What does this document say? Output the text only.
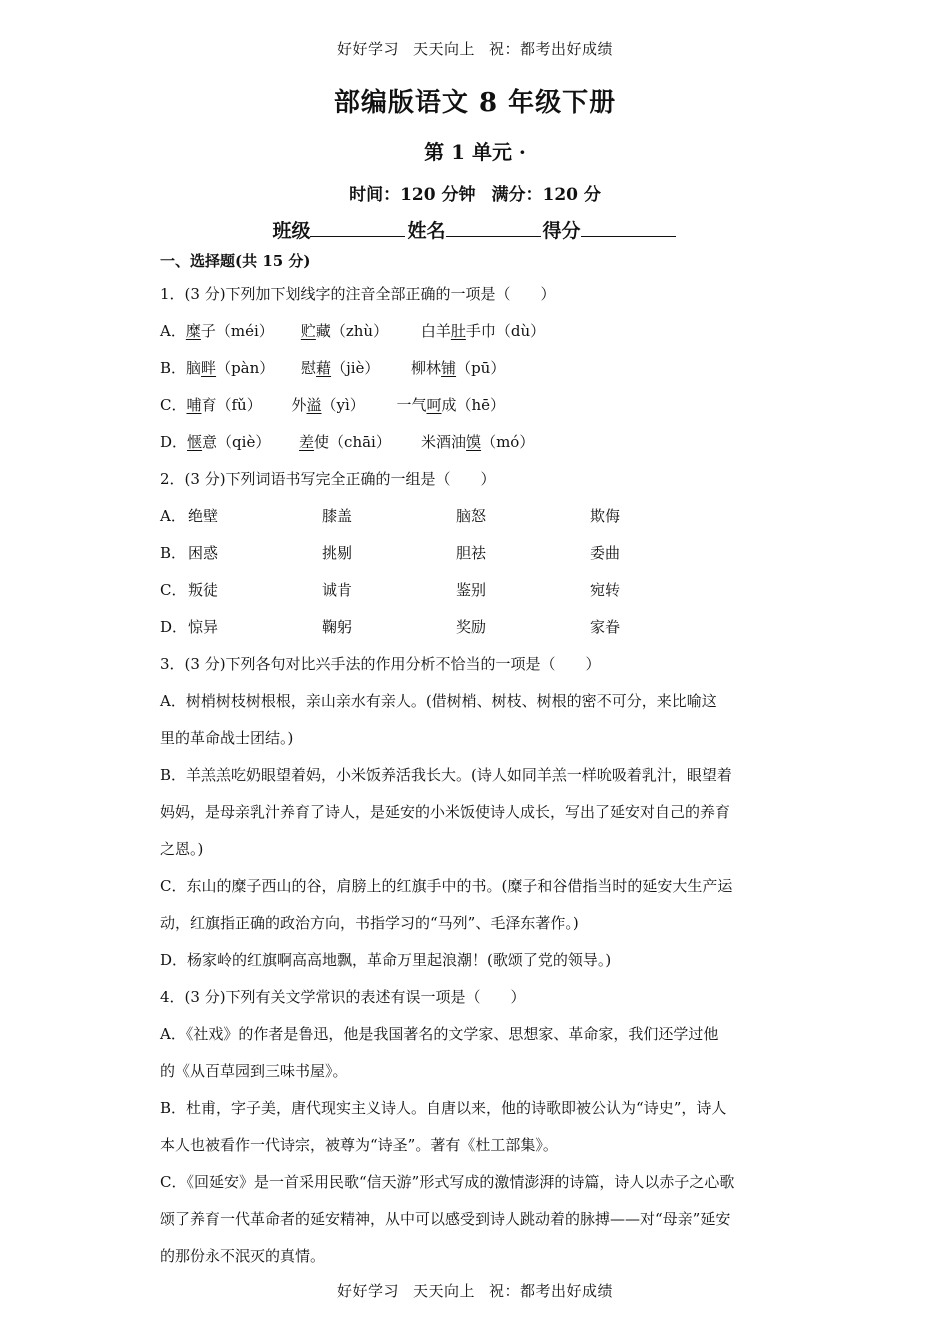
好好学习 天天向上 祝：都考出好成绩
部编版语文 8 年级下册
第 1 单元 ·
时间：120 分钟 满分：120 分
班级	姓名	得分
一、选择题(共 15 分)
1．(3 分)下列加下划线字的注音全部正确的一项是（　　）
A．糜子（méi） 贮藏（zhù） 白羊肚手巾（dù）
B．脑畔（pàn） 慰藉（jiè） 柳林铺（pū）
C．哺育（fǔ） 外溢（yì） 一气呵成（hē）
D．惬意（qiè） 差使（chāi） 米酒油馍（mó）
2．(3 分)下列词语书写完全正确的一组是（　　）
A． 绝壁	膝盖	脑怒	欺侮
B． 困惑	挑剔	胆祛	委曲
C． 叛徒	诚肯	鉴别	宛转
D．惊异	鞠躬	奖励	家眷
3．(3 分)下列各句对比兴手法的作用分析不恰当的一项是（　　）
A．树梢树枝树根根，亲山亲水有亲人。(借树梢、树枝、树根的密不可分，来比喻这
里的革命战士团结。)
B．羊羔羔吃奶眼望着妈，小米饭养活我长大。(诗人如同羊羔一样吮吸着乳汁，眼望着
妈妈，是母亲乳汁养育了诗人，是延安的小米饭使诗人成长，写出了延安对自己的养育
之恩。)
C．东山的糜子西山的谷，肩膀上的红旗手中的书。(糜子和谷借指当时的延安大生产运
动，红旗指正确的政治方向，书指学习的“马列”、毛泽东著作。)
D．杨家岭的红旗啊高高地飘，革命万里起浪潮！(歌颂了党的领导。)
4．(3 分)下列有关文学常识的表述有误一项是（　　）
A．《社戏》的作者是鲁迅，他是我国著名的文学家、思想家、革命家，我们还学过他
的《从百草园到三味书屋》。
B．杜甫，字子美，唐代现实主义诗人。自唐以来，他的诗歌即被公认为“诗史”，诗人
本人也被看作一代诗宗，被尊为“诗圣”。著有《杜工部集》。
C．《回延安》是一首采用民歌“信天游”形式写成的激情澎湃的诗篇，诗人以赤子之心歌
颂了养育一代革命者的延安精神，从中可以感受到诗人跳动着的脉搏——对“母亲”延安
的那份永不泯灭的真情。
好好学习 天天向上 祝：都考出好成绩
